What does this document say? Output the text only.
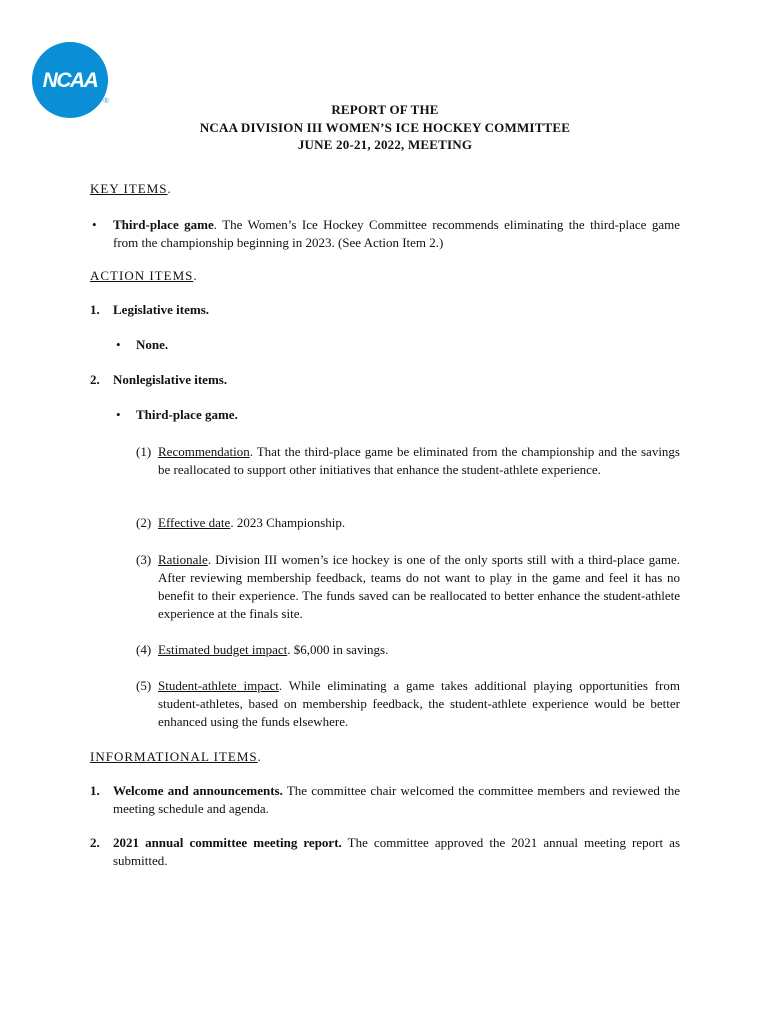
NCAA
®
REPORT OF THE
NCAA DIVISION III WOMEN’S ICE HOCKEY COMMITTEE
JUNE 20-21, 2022, MEETING
KEY ITEMS.
• Third-place game. The Women’s Ice Hockey Committee recommends eliminating the third-place game from the championship beginning in 2023. (See Action Item 2.)
ACTION ITEMS.
1. Legislative items.
• None.
2. Nonlegislative items.
• Third-place game.
(1) Recommendation. That the third-place game be eliminated from the championship and the savings be reallocated to support other initiatives that enhance the student-athlete experience.
(2) Effective date. 2023 Championship.
(3) Rationale. Division III women’s ice hockey is one of the only sports still with a third-place game. After reviewing membership feedback, teams do not want to play in the game and feel it has no benefit to their experience. The funds saved can be reallocated to better enhance the student-athlete experience at the finals site.
(4) Estimated budget impact. $6,000 in savings.
(5) Student-athlete impact. While eliminating a game takes additional playing opportunities from student-athletes, based on membership feedback, the student-athlete experience would be better enhanced using the funds elsewhere.
INFORMATIONAL ITEMS.
1. Welcome and announcements. The committee chair welcomed the committee members and reviewed the meeting schedule and agenda.
2. 2021 annual committee meeting report. The committee approved the 2021 annual meeting report as submitted.
